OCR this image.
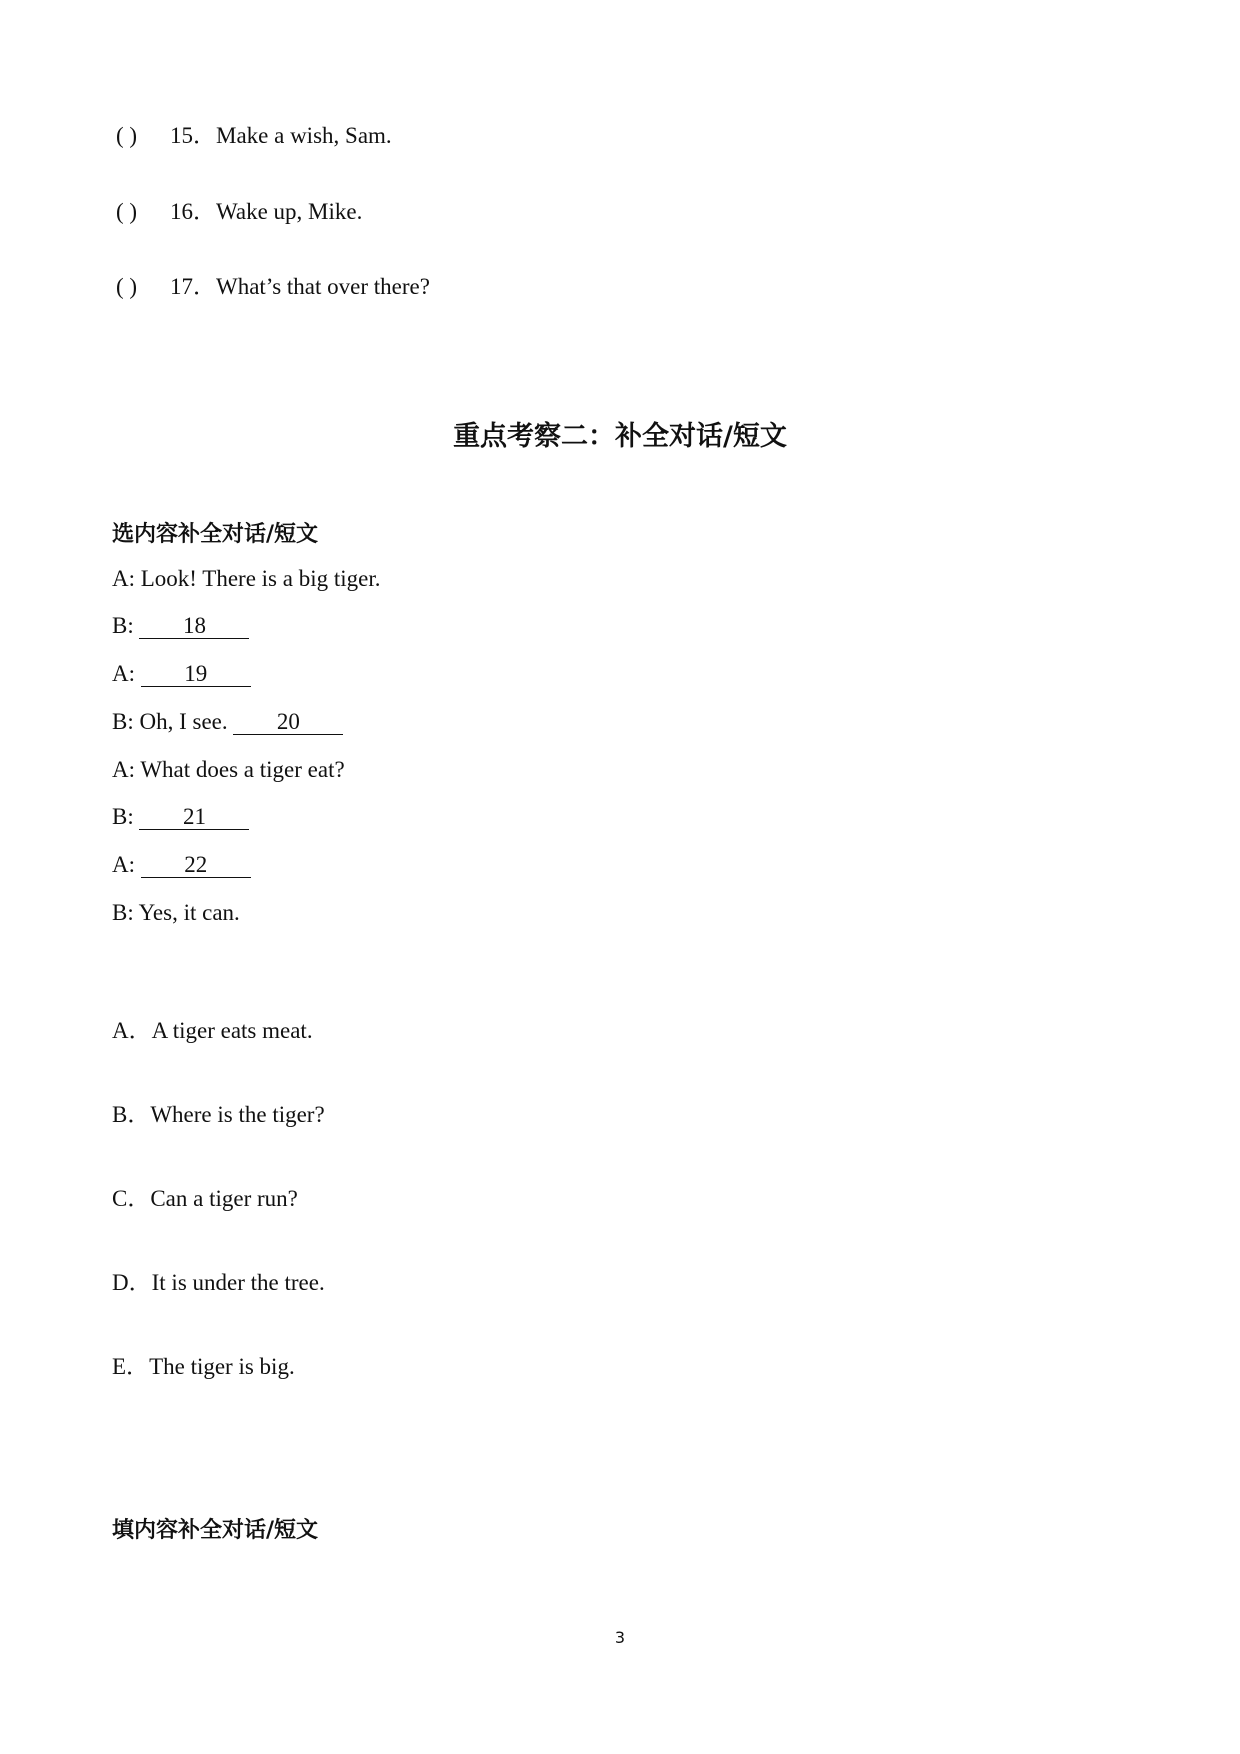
( ) 15．Make a wish, Sam.
( ) 16．Wake up, Mike.
( ) 17．What’s that over there?
重点考察二：补全对话/短文
选内容补全对话/短文
A: Look! There is a big tiger.
B: 18
A: 19
B: Oh, I see. 20
A: What does a tiger eat?
B: 21
A: 22
B: Yes, it can.
A．A tiger eats meat.
B．Where is the tiger?
C．Can a tiger run?
D．It is under the tree.
E．The tiger is big.
填内容补全对话/短文
3
